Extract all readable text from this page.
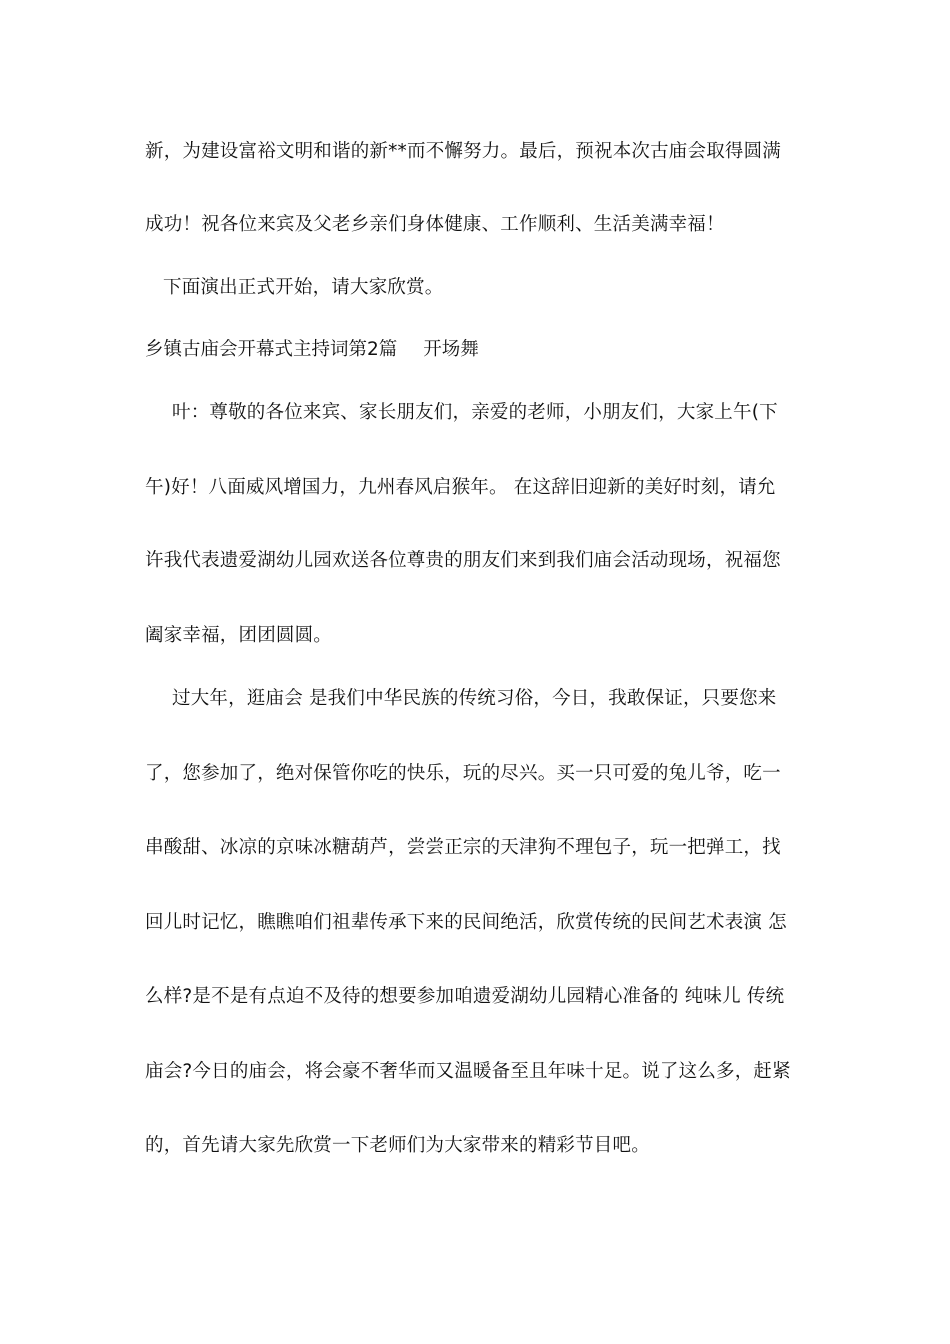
新，为建设富裕文明和谐的新**而不懈努力。最后，预祝本次古庙会取得圆满
成功！祝各位来宾及父老乡亲们身体健康、工作顺利、生活美满幸福！
下面演出正式开始，请大家欣赏。
乡镇古庙会开幕式主持词第2篇 开场舞
叶：尊敬的各位来宾、家长朋友们，亲爱的老师，小朋友们，大家上午(下
午)好！八面威风增国力，九州春风启猴年。 在这辞旧迎新的美好时刻，请允
许我代表遗爱湖幼儿园欢送各位尊贵的朋友们来到我们庙会活动现场，祝福您
阖家幸福，团团圆圆。
过大年，逛庙会 是我们中华民族的传统习俗，今日，我敢保证，只要您来
了，您参加了，绝对保管你吃的快乐，玩的尽兴。买一只可爱的兔儿爷，吃一
串酸甜、冰凉的京味冰糖葫芦，尝尝正宗的天津狗不理包子，玩一把弹工，找
回儿时记忆，瞧瞧咱们祖辈传承下来的民间绝活，欣赏传统的民间艺术表演 怎
么样?是不是有点迫不及待的想要参加咱遗爱湖幼儿园精心准备的 纯味儿 传统
庙会?今日的庙会，将会豪不奢华而又温暖备至且年味十足。说了这么多，赶紧
的，首先请大家先欣赏一下老师们为大家带来的精彩节目吧。
